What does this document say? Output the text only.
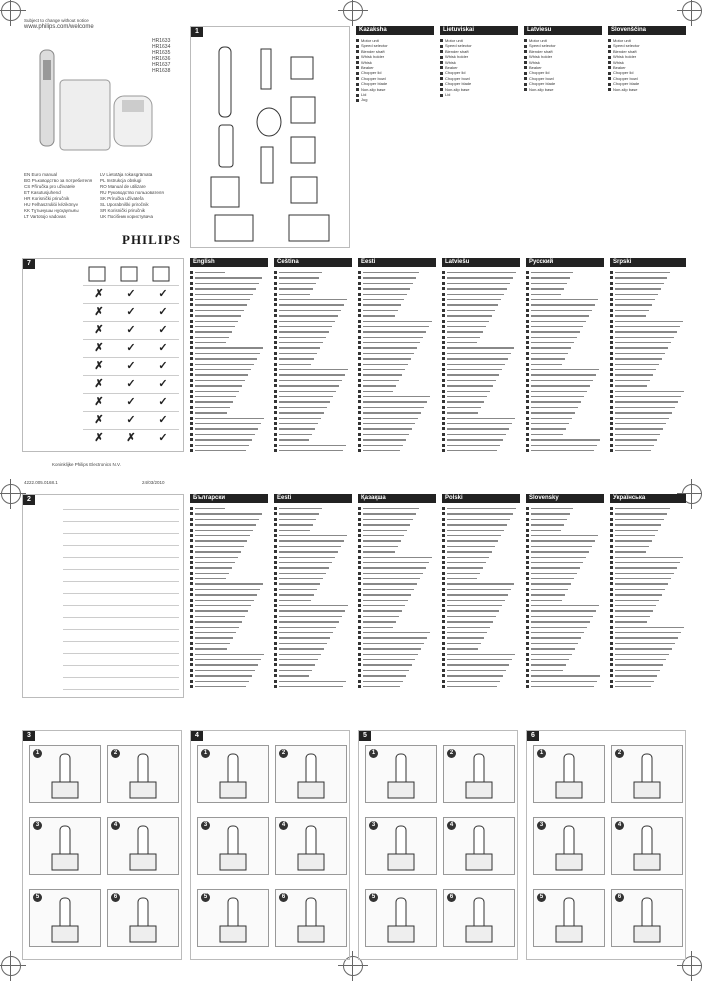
Subject to change without notice
www.philips.com/welcome
HR1633
HR1634
HR1635
HR1636
HR1637
HR1638
EN Euro manual	LV Lietotāja rokasgrāmata
BG Ръководство за потребителя	PL Instrukcja obsługi
CS Příručka pro uživatele	RO Manual de utilizare
ET Kasutusjuhend	RU Руководство пользователя
HR Korisnički priručnik	SK Príručka užívateľa
HU Felhasználói kézikönyv	SL Uporabniški priročnik
KK Тұтынушы нұсқаулығы	SR Korisnički priručnik
LT Vartotojo vadovas	UK Посібник користувача
PHILIPS
1	Kazaksha	Lietuviskai	Latviesu	Slovenščina
Motor unit
Speed selector
Blender shaft
Whisk holder
Whisk
Beaker
Chopper lid
Chopper bowl
Chopper blade
Non-slip base
Lid
Jug
Motor unit
Speed selector
Blender shaft
Whisk holder
Whisk
Beaker
Chopper lid
Chopper bowl
Chopper blade
Non-slip base
Lid
Motor unit
Speed selector
Blender shaft
Whisk holder
Whisk
Beaker
Chopper lid
Chopper bowl
Chopper blade
Non-slip base
Motor unit
Speed selector
Blender shaft
Whisk holder
Whisk
Beaker
Chopper lid
Chopper bowl
Chopper blade
Non-slip base
7
✗	✓	✓
✗	✓	✓
✗	✓	✓
✗	✓	✓
✗	✓	✓
✗	✓	✓
✗	✓	✓
✗	✓	✓
✗	✗	✓
English	Čeština	Eesti	Latviešu	Русский	Srpski
Koninklijke Philips Electronics N.V.
4222.005.0168.1	24/03/2010
2	Български	Eesti	Қазақша	Polski	Slovensky	Українська
3
1	2
3	4
5	6
4
1	2
3	4
5	6
5
1	2
3	4
5	6
6
1	2
3	4
5	6
